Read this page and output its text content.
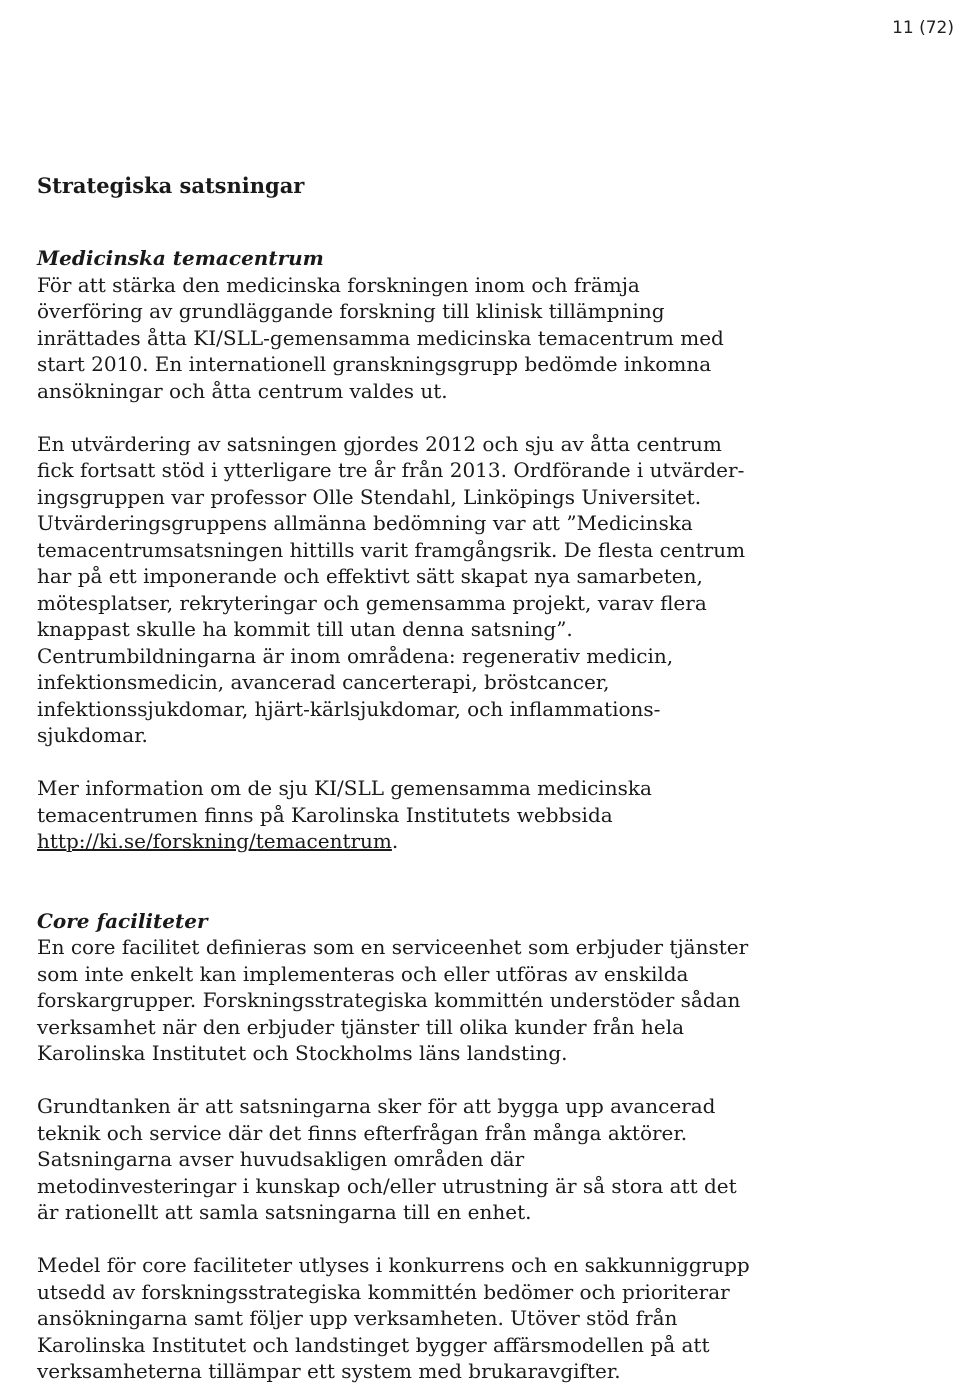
11 (72)
Strategiska satsningar
Medicinska temacentrum
För att stärka den medicinska forskningen inom och främja
överföring av grundläggande forskning till klinisk tillämpning
inrättades åtta KI/SLL-gemensamma medicinska temacentrum med
start 2010. En internationell granskningsgrupp bedömde inkomna
ansökningar och åtta centrum valdes ut.
En utvärdering av satsningen gjordes 2012 och sju av åtta centrum
fick fortsatt stöd i ytterligare tre år från 2013. Ordförande i utvärder-
ingsgruppen var professor Olle Stendahl, Linköpings Universitet.
Utvärderingsgruppens allmänna bedömning var att ”Medicinska
temacentrumsatsningen hittills varit framgångsrik. De flesta centrum
har på ett imponerande och effektivt sätt skapat nya samarbeten,
mötesplatser, rekryteringar och gemensamma projekt, varav flera
knappast skulle ha kommit till utan denna satsning”.
Centrumbildningarna är inom områdena: regenerativ medicin,
infektionsmedicin, avancerad cancerterapi, bröstcancer,
infektionssjukdomar, hjärt-kärlsjukdomar, och inflammations-
sjukdomar.
Mer information om de sju KI/SLL gemensamma medicinska
temacentrumen finns på Karolinska Institutets webbsida
http://ki.se/forskning/temacentrum.
Core faciliteter
En core facilitet definieras som en serviceenhet som erbjuder tjänster
som inte enkelt kan implementeras och eller utföras av enskilda
forskargrupper. Forskningsstrategiska kommittén understöder sådan
verksamhet när den erbjuder tjänster till olika kunder från hela
Karolinska Institutet och Stockholms läns landsting.
Grundtanken är att satsningarna sker för att bygga upp avancerad
teknik och service där det finns efterfrågan från många aktörer.
Satsningarna avser huvudsakligen områden där
metodinvesteringar i kunskap och/eller utrustning är så stora att det
är rationellt att samla satsningarna till en enhet.
Medel för core faciliteter utlyses i konkurrens och en sakkunniggrupp
utsedd av forskningsstrategiska kommittén bedömer och prioriterar
ansökningarna samt följer upp verksamheten. Utöver stöd från
Karolinska Institutet och landstinget bygger affärsmodellen på att
verksamheterna tillämpar ett system med brukaravgifter.
